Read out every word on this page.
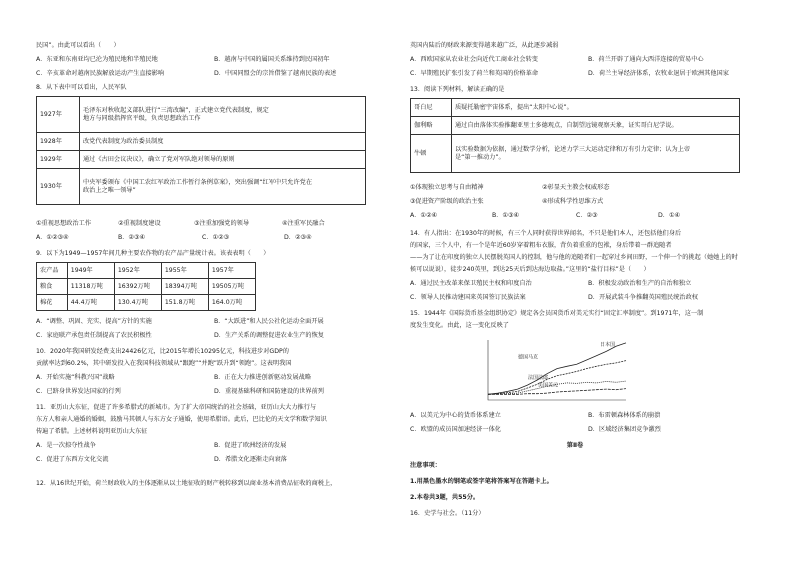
民国”。由此可以看出（　　）
A．东亚和东南亚均已沦为殖民地和半殖民地	B．越南与中国的属国关系维持到民国初年
C．辛亥革命对越南民族解放运动产生直接影响	D．中国同盟会的宗旨借鉴了越南民族的表述
8．从下表中可以看出，人民军队
1927年	毛泽东对秋收起义部队进行“三湾改编”，正式建立党代表制度，规定
地方与同级指挥官平级，负责思想政治工作

1928年	改党代表制度为政治委员制度
1929年	通过《古田会议决议》，确立了党对军队绝对领导的原则
1930年	中央军委颁布《中国工农红军政治工作暂行条例草案》，突出强调“红军中只允许党在
政治上之唯一领导”
①重视思想政治工作	②重视制度建设	③注重加强党的领导	④注重军民融合
A．①②③④	B．②③④	C．①②③	D．②③④
9．以下为1949—1957年间几种主要农作物的农产品产量统计表。该表表明（　　）
农产品	1949年	1952年	1955年	1957年
粮食	11318万吨	16392万吨	18394万吨	19505万吨
棉花	44.4万吨	130.4万吨	151.8万吨	164.0万吨
A．“调整、巩固、充实、提高”方针的实施	B．“大跃进”和人民公社化运动全面开展
C．家庭联产承包责任制提高了农民积极性	D．生产关系的调整促进农业生产的恢复
10．2020年我国研发经费支出24426亿元，比2015年增长10295亿元，科技进步对GDP的
贡献率达到60.2%，其中研发投入在我国科技领域从“跟跑”“并跑”跃升到“领跑”。这表明我国
A．开始实施“科教兴国”战略	B．正在大力推进创新驱动发展战略
C．已跻身世界发达国家的行列	D．重视基础科研和国防建设的世界前列
11．亚历山大东征，促进了许多希腊式的新城市。为了扩大帝国统治的社会基础，亚历山大大力推行与
东方人和亲人通婚的婚姻，鼓励马其顿人与东方女子通婚，使用希腊语。此后，巴比伦的天文学和数学知识
传遍了希腊。上述材料说明亚历山大东征
A．是一次掠夺性战争	B．促进了欧洲经济的发展
C．促进了东西方文化交流	D．希腊文化逐渐走向衰落
12．从16世纪开始，荷兰财政收入的主体逐渐从以土地征收的财产税转移到以商业基本消费品征收的商税上，
英国内陆后的财政来源变得越来越广泛，从此逐步减弱
A．西欧国家从农业社会向近代工商业社会转变	B．荷兰开辟了通向大西洋连接的贸易中心
C．早期殖民扩张引发了荷兰和英国的价格革命	D．荷兰主导经济体系，农牧业退居于欧洲其他国家
13．阅读下列材料，解读正确的是
哥白尼	质疑托勒密宇宙体系，提出“太阳中心说”。
伽利略	通过自由落体实验推翻亚里士多德观点，自制望远镜观察天象，证实哥白尼学说。
牛顿	以实验数据为依据，通过数学分析，论述力学三大运动定律和万有引力定律；认为上帝
是“第一推动力”。
①体现独立思考与自由精神	②彰显天主教会权威形态
③促进资产阶级的政治主张	④形成科学性思维方式
A．①②④	B．①③④	C．②③	D．①④
14．有人指出：在1930年的时候，有三个人同时获得世界闻名，不只是他们本人，还包括他们身后
的国家，三个人中，有一个是年近60岁穿着粗布衣服，背负着重重的包袱，身后带着一群追随者
——为了让在印度的独立人民摆脱英国人的控制，他与他的追随者们一起穿过乡间田野，一个伸一个的挑起（她她上的时
候可以说说），徒步240英里，到达25天后到达海边取盐。”这里的“盐行目标”是（　　）
A．通过民主改革来保卫殖民主权和印度自治	B．积极发动政治和生产的自治和独立
C．领导人民推动建国来英国签订民族法案	D．开展武装斗争推翻英国殖民统治政权
15．1944年《国际货币基金组织协定》规定各会员国货币对美元实行“固定汇率制度”。到1971年，这一制
度发生变化。由此，这一变化反映了
日本国
德国马克
法国法郎
美国美元
A．以美元为中心的货币体系建立	B．布雷顿森林体系的崩溃
C．欧盟的成员国加速经济一体化	D．区域经济集团竞争激烈
第Ⅱ卷
注意事项：
1.用黑色墨水的钢笔或签字笔将答案写在答题卡上。
2.本卷共3题，共55分。
16．史学与社会。（11分）
